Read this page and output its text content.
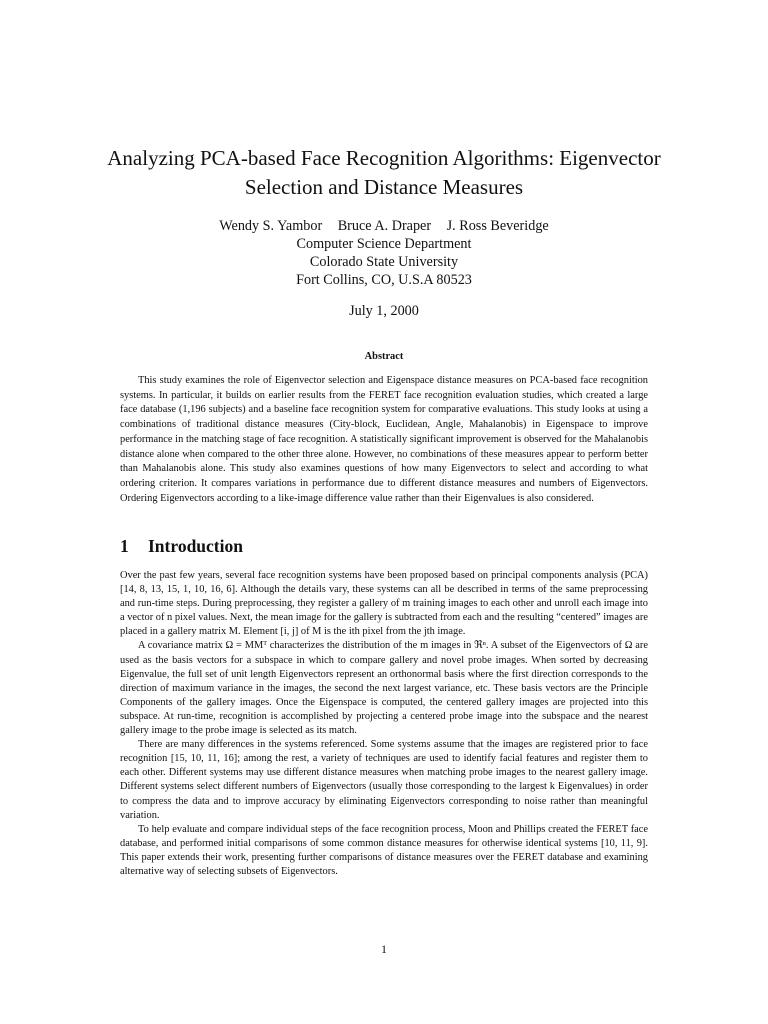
Analyzing PCA-based Face Recognition Algorithms: Eigenvector
Selection and Distance Measures
Wendy S. Yambor Bruce A. Draper J. Ross Beveridge
Computer Science Department
Colorado State University
Fort Collins, CO, U.S.A 80523
July 1, 2000
Abstract

This study examines the role of Eigenvector selection and Eigenspace distance measures on PCA-based face recognition systems. In particular, it builds on earlier results from the FERET face recognition evaluation studies, which created a large face database (1,196 subjects) and a baseline face recognition system for comparative evaluations. This study looks at using a combinations of traditional distance measures (City-block, Euclidean, Angle, Mahalanobis) in Eigenspace to improve performance in the matching stage of face recognition. A statistically significant improvement is observed for the Mahalanobis distance alone when compared to the other three alone. However, no combinations of these measures appear to perform better than Mahalanobis alone. This study also examines questions of how many Eigenvectors to select and according to what ordering criterion. It compares variations in performance due to different distance measures and numbers of Eigenvectors. Ordering Eigenvectors according to a like-image difference value rather than their Eigenvalues is also considered.

1 Introduction

Over the past few years, several face recognition systems have been proposed based on principal components analysis (PCA) [14, 8, 13, 15, 1, 10, 16, 6]. Although the details vary, these systems can all be described in terms of the same preprocessing and run-time steps. During preprocessing, they register a gallery of m training images to each other and unroll each image into a vector of n pixel values. Next, the mean image for the gallery is subtracted from each and the resulting “centered” images are placed in a gallery matrix M. Element [i, j] of M is the ith pixel from the jth image.

A covariance matrix Ω = MMᵀ characterizes the distribution of the m images in ℜⁿ. A subset of the Eigenvectors of Ω are used as the basis vectors for a subspace in which to compare gallery and novel probe images. When sorted by decreasing Eigenvalue, the full set of unit length Eigenvectors represent an orthonormal basis where the first direction corresponds to the direction of maximum variance in the images, the second the next largest variance, etc. These basis vectors are the Principle Components of the gallery images. Once the Eigenspace is computed, the centered gallery images are projected into this subspace. At run-time, recognition is accomplished by projecting a centered probe image into the subspace and the nearest gallery image to the probe image is selected as its match.

There are many differences in the systems referenced. Some systems assume that the images are registered prior to face recognition [15, 10, 11, 16]; among the rest, a variety of techniques are used to identify facial features and register them to each other. Different systems may use different distance measures when matching probe images to the nearest gallery image. Different systems select different numbers of Eigenvectors (usually those corresponding to the largest k Eigenvalues) in order to compress the data and to improve accuracy by eliminating Eigenvectors corresponding to noise rather than meaningful variation.

To help evaluate and compare individual steps of the face recognition process, Moon and Phillips created the FERET face database, and performed initial comparisons of some common distance measures for otherwise identical systems [10, 11, 9]. This paper extends their work, presenting further comparisons of distance measures over the FERET database and examining alternative way of selecting subsets of Eigenvectors.

1
